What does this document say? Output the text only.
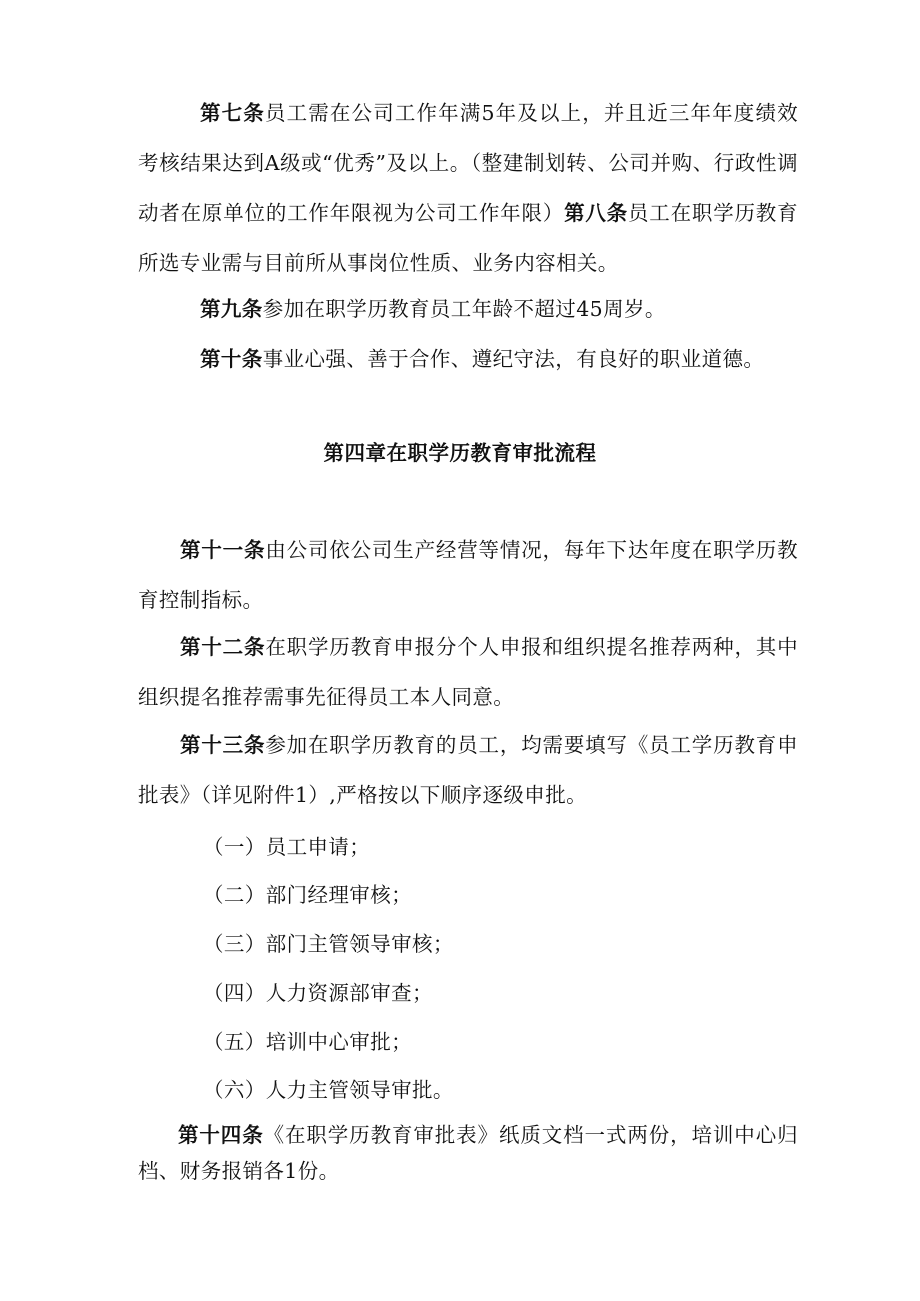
第七条员工需在公司工作年满5年及以上，并且近三年年度绩效考核结果达到A级或“优秀”及以上。（整建制划转、公司并购、行政性调动者在原单位的工作年限视为公司工作年限）第八条员工在职学历教育所选专业需与目前所从事岗位性质、业务内容相关。

第九条参加在职学历教育员工年龄不超过45周岁。

第十条事业心强、善于合作、遵纪守法，有良好的职业道德。

第四章在职学历教育审批流程

第十一条由公司依公司生产经营等情况，每年下达年度在职学历教育控制指标。

第十二条在职学历教育申报分个人申报和组织提名推荐两种，其中组织提名推荐需事先征得员工本人同意。

第十三条参加在职学历教育的员工，均需要填写《员工学历教育申批表》（详见附件1）,严格按以下顺序逐级申批。

（一）员工申请；

（二）部门经理审核；

（三）部门主管领导审核；

（四）人力资源部审查；

（五）培训中心审批；

（六）人力主管领导审批。

第十四条《在职学历教育审批表》纸质文档一式两份，培训中心归档、财务报销各1份。
